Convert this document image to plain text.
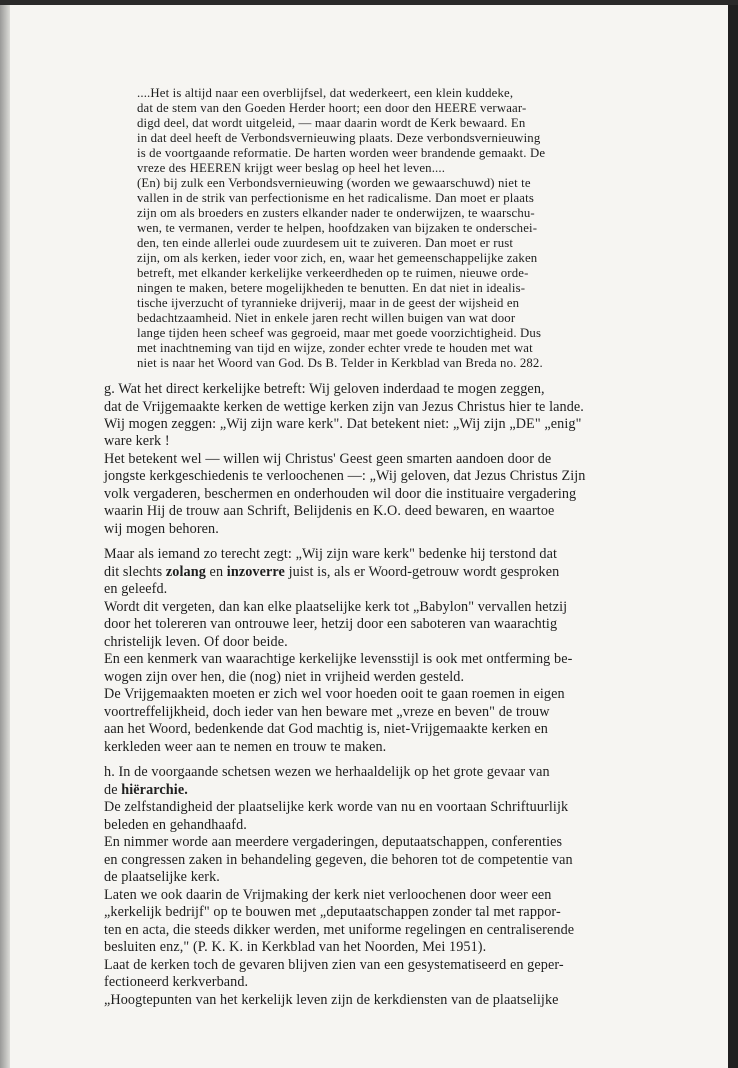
....Het is altijd naar een overblijfsel, dat wederkeert, een klein kuddeke,
dat de stem van den Goeden Herder hoort; een door den HEERE verwaar-
digd deel, dat wordt uitgeleid, — maar daarin wordt de Kerk bewaard. En
in dat deel heeft de Verbondsvernieuwing plaats. Deze verbondsvernieuwing
is de voortgaande reformatie. De harten worden weer brandende gemaakt. De
vreze des HEEREN krijgt weer beslag op heel het leven....
(En) bij zulk een Verbondsvernieuwing (worden we gewaarschuwd) niet te
vallen in de strik van perfectionisme en het radicalisme. Dan moet er plaats
zijn om als broeders en zusters elkander nader te onderwijzen, te waarschu-
wen, te vermanen, verder te helpen, hoofdzaken van bijzaken te onderschei-
den, ten einde allerlei oude zuurdesem uit te zuiveren. Dan moet er rust
zijn, om als kerken, ieder voor zich, en, waar het gemeenschappelijke zaken
betreft, met elkander kerkelijke verkeerdheden op te ruimen, nieuwe orde-
ningen te maken, betere mogelijkheden te benutten. En dat niet in idealis-
tische ijverzucht of tyrannieke drijverij, maar in de geest der wijsheid en
bedachtzaamheid. Niet in enkele jaren recht willen buigen van wat door
lange tijden heen scheef was gegroeid, maar met goede voorzichtigheid. Dus
met inachtneming van tijd en wijze, zonder echter vrede te houden met wat
niet is naar het Woord van God. Ds B. Telder in Kerkblad van Breda no. 282.
g. Wat het direct kerkelijke betreft: Wij geloven inderdaad te mogen zeggen,
dat de Vrijgemaakte kerken de wettige kerken zijn van Jezus Christus hier te lande.
Wij mogen zeggen: „Wij zijn ware kerk". Dat betekent niet: „Wij zijn „DE" „enig"
ware kerk !
Het betekent wel — willen wij Christus' Geest geen smarten aandoen door de
jongste kerkgeschiedenis te verloochenen —: „Wij geloven, dat Jezus Christus Zijn
volk vergaderen, beschermen en onderhouden wil door die instituaire vergadering
waarin Hij de trouw aan Schrift, Belijdenis en K.O. deed bewaren, en waartoe
wij mogen behoren.
Maar als iemand zo terecht zegt: „Wij zijn ware kerk" bedenke hij terstond dat
dit slechts zolang en inzoverre juist is, als er Woord-getrouw wordt gesproken
en geleefd.
Wordt dit vergeten, dan kan elke plaatselijke kerk tot „Babylon" vervallen hetzij
door het tolereren van ontrouwe leer, hetzij door een saboteren van waarachtig
christelijk leven. Of door beide.
En een kenmerk van waarachtige kerkelijke levensstijl is ook met ontferming be-
wogen zijn over hen, die (nog) niet in vrijheid werden gesteld.
De Vrijgemaakten moeten er zich wel voor hoeden ooit te gaan roemen in eigen
voortreffelijkheid, doch ieder van hen beware met „vreze en beven" de trouw
aan het Woord, bedenkende dat God machtig is, niet-Vrijgemaakte kerken en
kerkleden weer aan te nemen en trouw te maken.
h. In de voorgaande schetsen wezen we herhaaldelijk op het grote gevaar van
de hiërarchie.
De zelfstandigheid der plaatselijke kerk worde van nu en voortaan Schriftuurlijk
beleden en gehandhaafd.
En nimmer worde aan meerdere vergaderingen, deputaatschappen, conferenties
en congressen zaken in behandeling gegeven, die behoren tot de competentie van
de plaatselijke kerk.
Laten we ook daarin de Vrijmaking der kerk niet verloochenen door weer een
„kerkelijk bedrijf" op te bouwen met „deputaatschappen zonder tal met rappor-
ten en acta, die steeds dikker werden, met uniforme regelingen en centraliserende
besluiten enz," (P. K. K. in Kerkblad van het Noorden, Mei 1951).
Laat de kerken toch de gevaren blijven zien van een gesystematiseerd en geper-
fectioneerd kerkverband.
„Hoogtepunten van het kerkelijk leven zijn de kerkdiensten van de plaatselijke
